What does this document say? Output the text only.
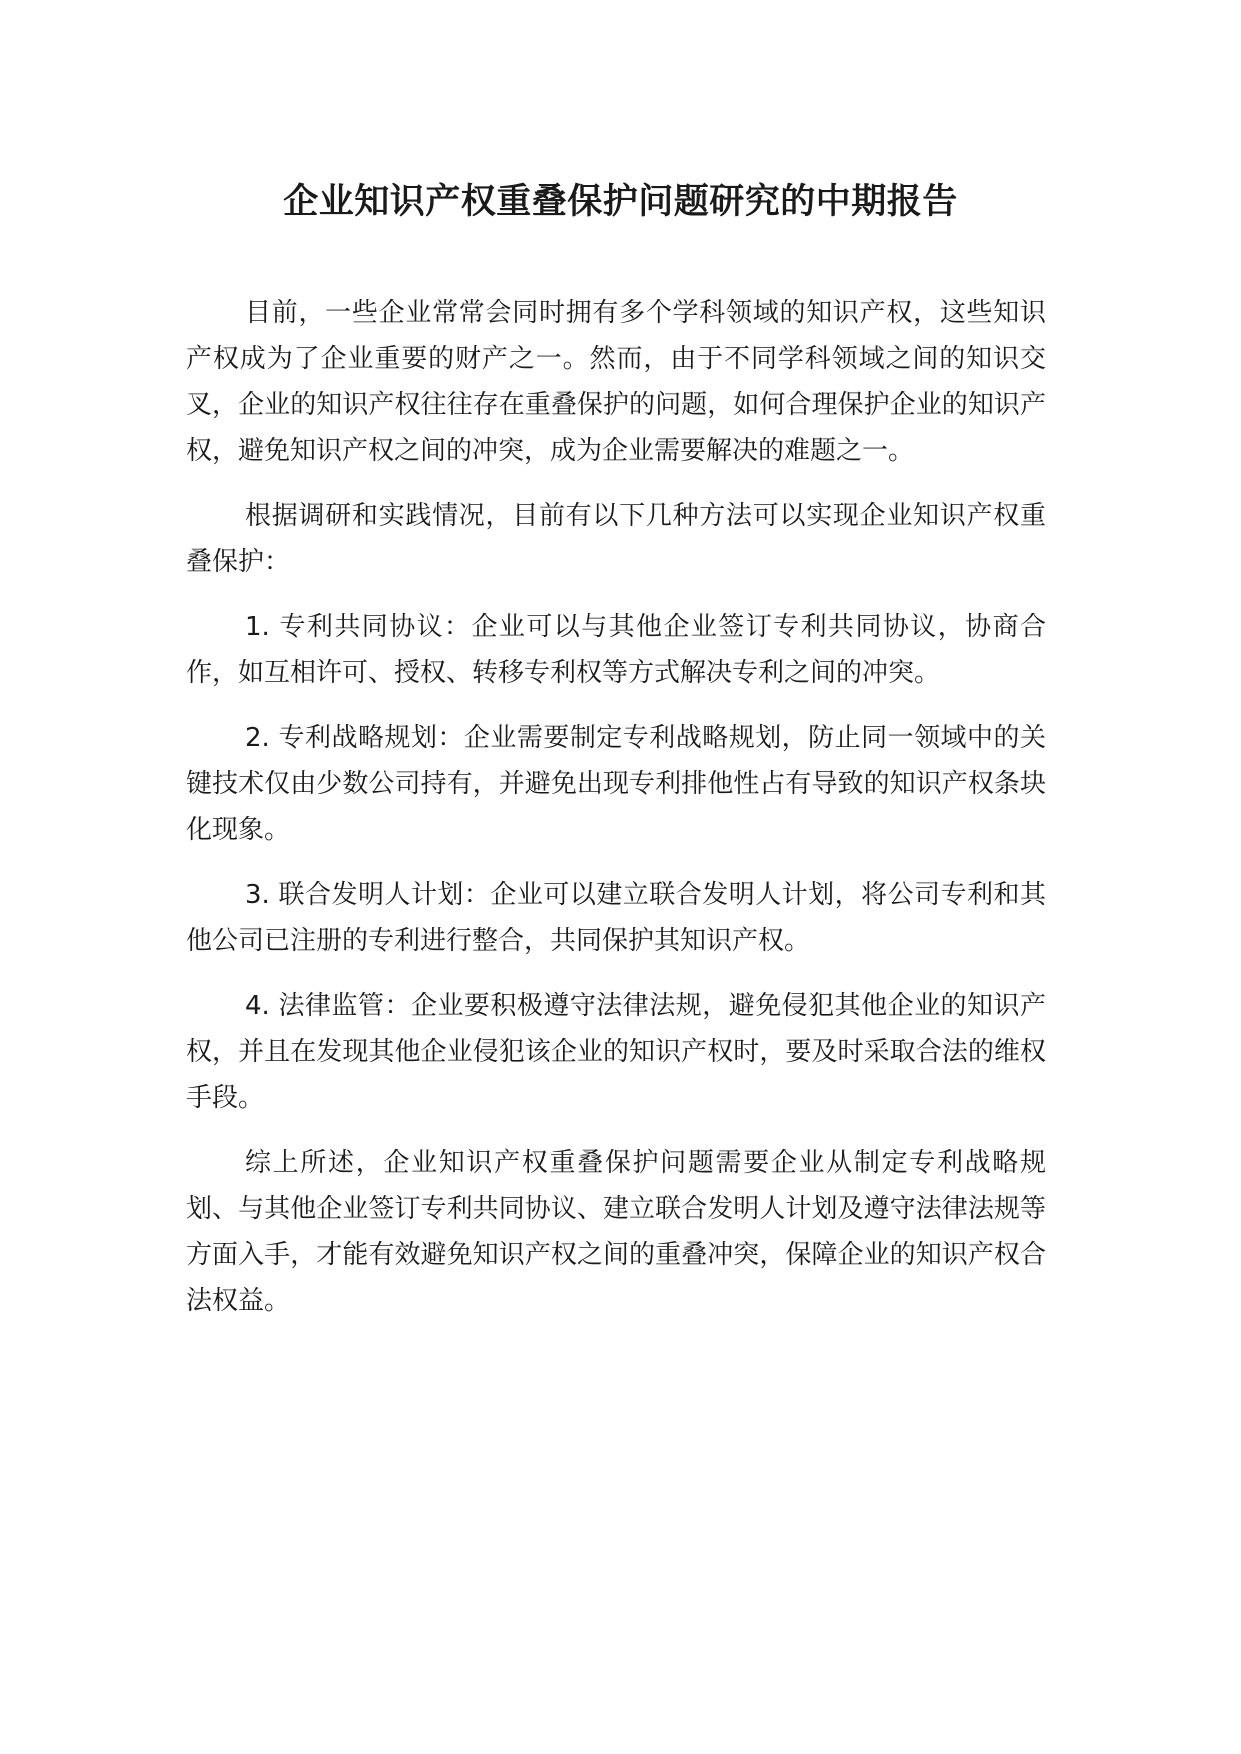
企业知识产权重叠保护问题研究的中期报告

目前，一些企业常常会同时拥有多个学科领域的知识产权，这些知识产权成为了企业重要的财产之一。然而，由于不同学科领域之间的知识交叉，企业的知识产权往往存在重叠保护的问题，如何合理保护企业的知识产权，避免知识产权之间的冲突，成为企业需要解决的难题之一。

根据调研和实践情况，目前有以下几种方法可以实现企业知识产权重叠保护：

1. 专利共同协议：企业可以与其他企业签订专利共同协议，协商合作，如互相许可、授权、转移专利权等方式解决专利之间的冲突。

2. 专利战略规划：企业需要制定专利战略规划，防止同一领域中的关键技术仅由少数公司持有，并避免出现专利排他性占有导致的知识产权条块化现象。

3. 联合发明人计划：企业可以建立联合发明人计划，将公司专利和其他公司已注册的专利进行整合，共同保护其知识产权。

4. 法律监管：企业要积极遵守法律法规，避免侵犯其他企业的知识产权，并且在发现其他企业侵犯该企业的知识产权时，要及时采取合法的维权手段。

综上所述，企业知识产权重叠保护问题需要企业从制定专利战略规划、与其他企业签订专利共同协议、建立联合发明人计划及遵守法律法规等方面入手，才能有效避免知识产权之间的重叠冲突，保障企业的知识产权合法权益。
